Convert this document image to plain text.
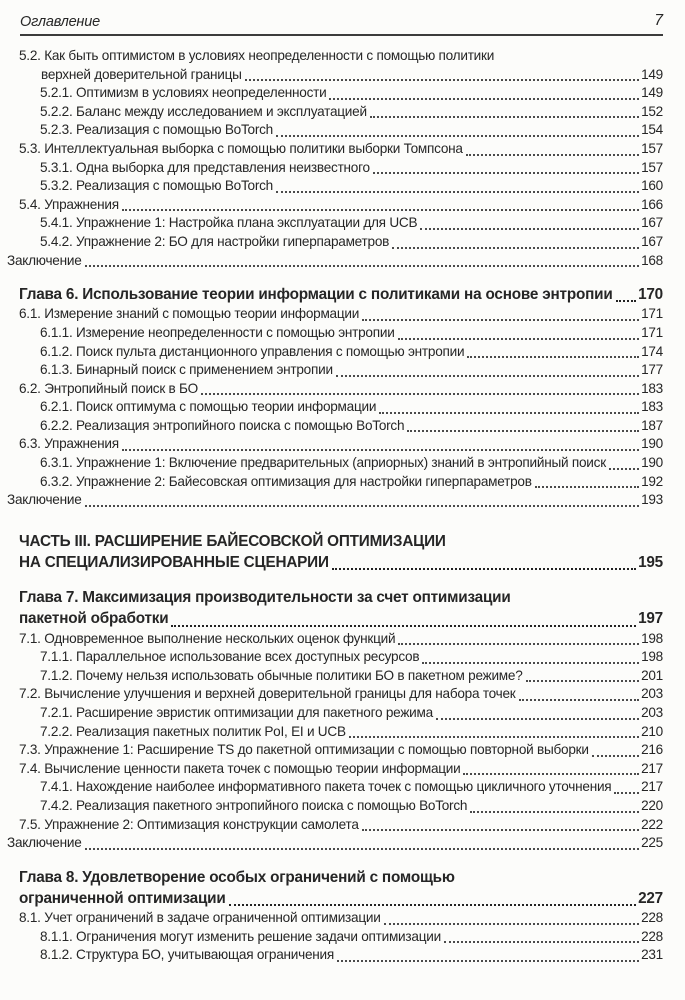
Оглавление	7
5.2. Как быть оптимистом в условиях неопределенности с помощью политики
верхней доверительной границы	149
5.2.1. Оптимизм в условиях неопределенности	149
5.2.2. Баланс между исследованием и эксплуатацией	152
5.2.3. Реализация с помощью BoTorch	154
5.3. Интеллектуальная выборка с помощью политики выборки Томпсона	157
5.3.1. Одна выборка для представления неизвестного	157
5.3.2. Реализация с помощью BoTorch	160
5.4. Упражнения	166
5.4.1. Упражнение 1: Настройка плана эксплуатации для UCB	167
5.4.2. Упражнение 2: БО для настройки гиперпараметров	167
Заключение	168
Глава 6. Использование теории информации с политиками на основе энтропии 170
6.1. Измерение знаний с помощью теории информации	171
6.1.1. Измерение неопределенности с помощью энтропии	171
6.1.2. Поиск пульта дистанционного управления с помощью энтропии	174
6.1.3. Бинарный поиск с применением энтропии	177
6.2. Энтропийный поиск в БО	183
6.2.1. Поиск оптимума с помощью теории информации	183
6.2.2. Реализация энтропийного поиска с помощью BoTorch	187
6.3. Упражнения	190
6.3.1. Упражнение 1: Включение предварительных (априорных) знаний в энтропийный поиск	190
6.3.2. Упражнение 2: Байесовская оптимизация для настройки гиперпараметров	192
Заключение	193
ЧАСТЬ III. РАСШИРЕНИЕ БАЙЕСОВСКОЙ ОПТИМИЗАЦИИ
НА СПЕЦИАЛИЗИРОВАННЫЕ СЦЕНАРИИ	195
Глава 7. Максимизация производительности за счет оптимизации
пакетной обработки	197
7.1. Одновременное выполнение нескольких оценок функций	198
7.1.1. Параллельное использование всех доступных ресурсов	198
7.1.2. Почему нельзя использовать обычные политики БО в пакетном режиме?	201
7.2. Вычисление улучшения и верхней доверительной границы для набора точек	203
7.2.1. Расширение эвристик оптимизации для пакетного режима	203
7.2.2. Реализация пакетных политик PoI, EI и UCB	210
7.3. Упражнение 1: Расширение TS до пакетной оптимизации с помощью повторной выборки	216
7.4. Вычисление ценности пакета точек с помощью теории информации	217
7.4.1. Нахождение наиболее информативного пакета точек с помощью цикличного уточнения 217
7.4.2. Реализация пакетного энтропийного поиска с помощью BoTorch	220
7.5. Упражнение 2: Оптимизация конструкции самолета	222
Заключение	225
Глава 8. Удовлетворение особых ограничений с помощью
ограниченной оптимизации	227
8.1. Учет ограничений в задаче ограниченной оптимизации	228
8.1.1. Ограничения могут изменить решение задачи оптимизации	228
8.1.2. Структура БО, учитывающая ограничения	231
